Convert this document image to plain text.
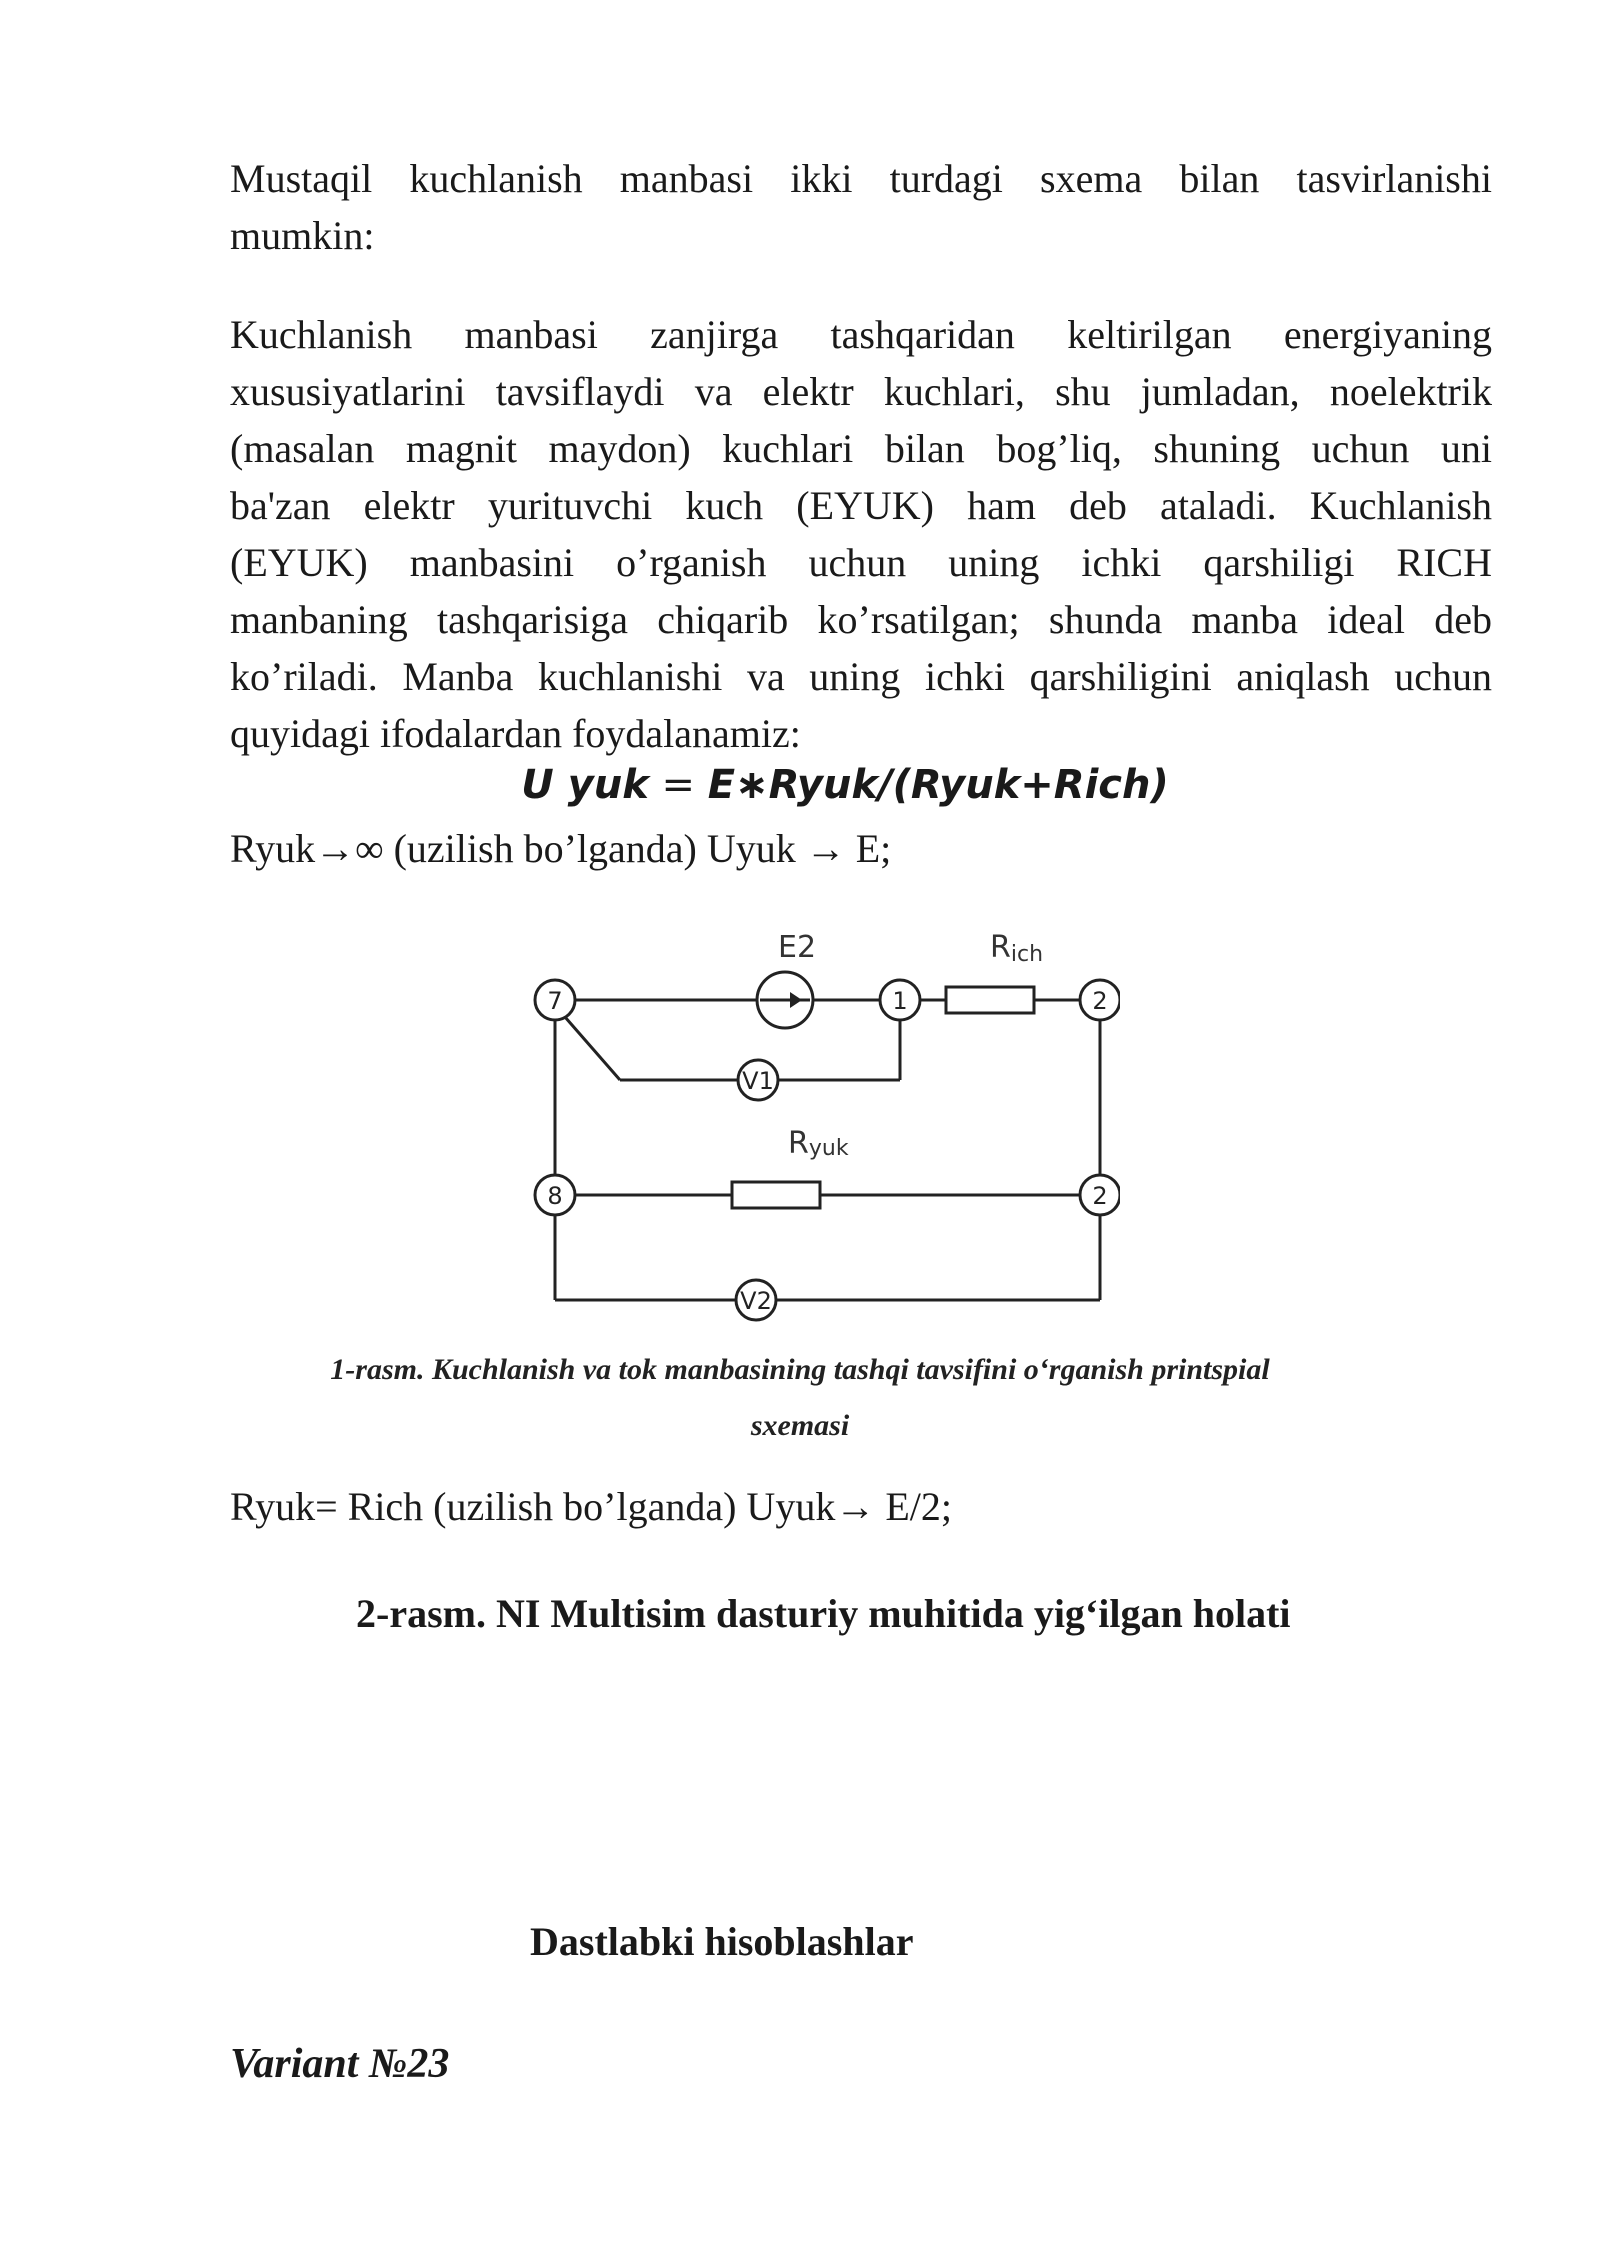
Mustaqil kuchlanish manbasi ikki turdagi sxema bilan tasvirlanishi
mumkin:

Kuchlanish manbasi zanjirga tashqaridan keltirilgan energiyaning
xususiyatlarini tavsiflaydi va elektr kuchlari, shu jumladan, noelektrik
(masalan magnit maydon) kuchlari bilan bog’liq, shuning uchun uni
ba'zan elektr yurituvchi kuch (EYUK) ham deb ataladi. Kuchlanish
(EYUK) manbasini o’rganish uchun uning ichki qarshiligi RICH
manbaning tashqarisiga chiqarib ko’rsatilgan; shunda manba ideal deb
ko’riladi. Manba kuchlanishi va uning ichki qarshiligini aniqlash uchun
quyidagi ifodalardan foydalanamiz:

U yuk = E∗Ryuk/(Ryuk+Rich)
Ryuk→∞ (uzilish bo’lganda) Uyuk → E;
V1
V2
7	1	2
8	2
E2	Rich
Ryuk
1-rasm. Kuchlanish va tok manbasining tashqi tavsifini o‘rganish printspial
sxemasi
Ryuk= Rich (uzilish bo’lganda) Uyuk→ E/2;
2-rasm. NI Multisim dasturiy muhitida yig‘ilgan holati
Dastlabki hisoblashlar
Variant №23
